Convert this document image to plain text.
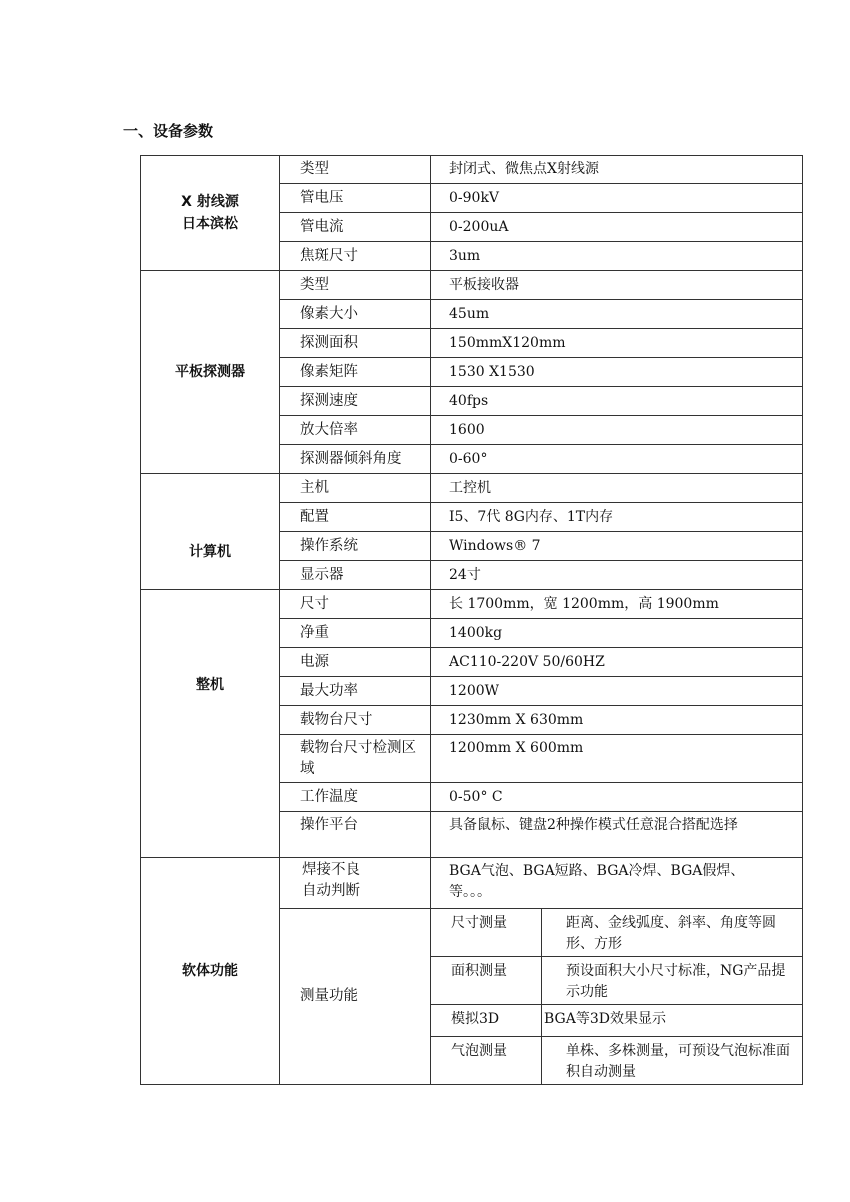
一、设备参数
X 射线源
日本滨松
	类型	封闭式、微焦点X射线源
管电压	0-90kV
管电流	0-200uA
焦斑尺寸	3um

平板探测器
	类型	平板接收器
像素大小	45um
探测面积	150mmX120mm
像素矩阵	1530 X1530
探测速度	40fps
放大倍率	1600
探测器倾斜角度	0-60°

计算机
	主机	工控机
配置	I5、7代 8G内存、1T内存
操作系统	Windows® 7
显示器	24寸

整机
	尺寸	长 1700mm，宽 1200mm，高 1900mm
净重	1400kg
电源	AC110-220V 50/60HZ
最大功率	1200W
载物台尺寸	1230mm X 630mm
载物台尺寸检测区域	1200mm X 600mm
工作温度	0-50° C
操作平台	具备鼠标、键盘2种操作模式任意混合搭配选择

软体功能

焊接不良
自动判断
	BGA气泡、BGA短路、BGA冷焊、BGA假焊、等。。。
测量功能	
尺寸测量	距离、金线弧度、斜率、角度等圆形、方形
面积测量	预设面积大小尺寸标准，NG产品提示功能
模拟3D	BGA等3D效果显示
气泡测量	单株、多株测量，可预设气泡标准面积自动测量
